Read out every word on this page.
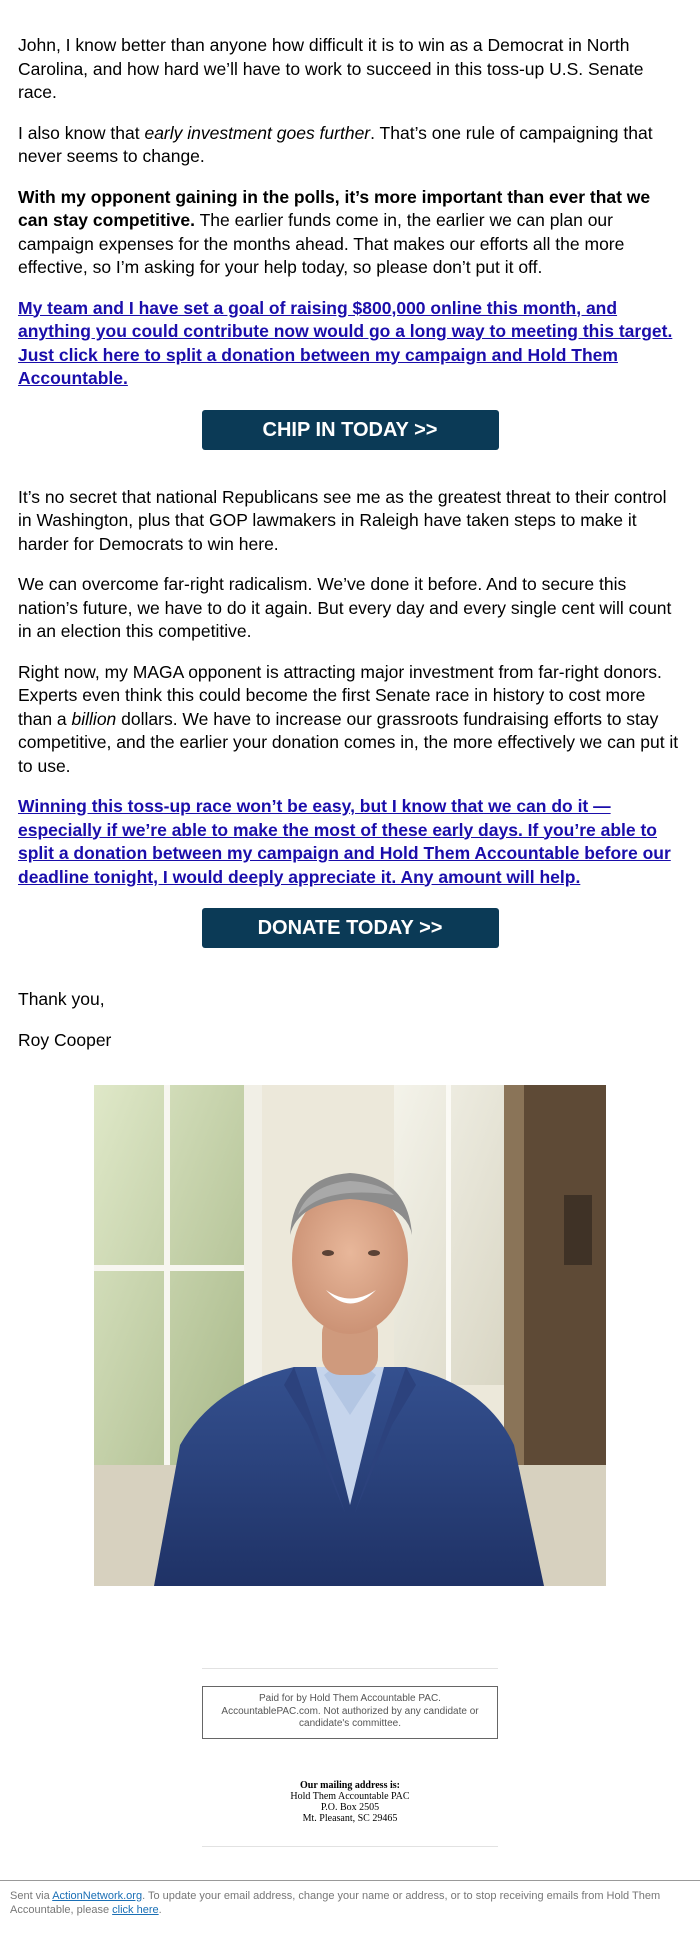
John, I know better than anyone how difficult it is to win as a Democrat in North Carolina, and how hard we’ll have to work to succeed in this toss-up U.S. Senate race.

I also know that early investment goes further. That’s one rule of campaigning that never seems to change.

With my opponent gaining in the polls, it’s more important than ever that we can stay competitive. The earlier funds come in, the earlier we can plan our campaign expenses for the months ahead. That makes our efforts all the more effective, so I’m asking for your help today, so please don’t put it off.

My team and I have set a goal of raising $800,000 online this month, and anything you could contribute now would go a long way to meeting this target. Just click here to split a donation between my campaign and Hold Them Accountable.
CHIP IN TODAY >>

It’s no secret that national Republicans see me as the greatest threat to their control in Washington, plus that GOP lawmakers in Raleigh have taken steps to make it harder for Democrats to win here.

We can overcome far-right radicalism. We’ve done it before. And to secure this nation’s future, we have to do it again. But every day and every single cent will count in an election this competitive.

Right now, my MAGA opponent is attracting major investment from far-right donors. Experts even think this could become the first Senate race in history to cost more than a billion dollars. We have to increase our grassroots fundraising efforts to stay competitive, and the earlier your donation comes in, the more effectively we can put it to use.

Winning this toss-up race won’t be easy, but I know that we can do it — especially if we’re able to make the most of these early days. If you’re able to split a donation between my campaign and Hold Them Accountable before our deadline tonight, I would deeply appreciate it. Any amount will help.
DONATE TODAY >>

Thank you,

Roy Cooper

Paid for by Hold Them Accountable PAC. AccountablePAC.com. Not authorized by any candidate or candidate's committee.
Our mailing address is:
Hold Them Accountable PAC
P.O. Box 2505
Mt. Pleasant, SC 29465
Sent via ActionNetwork.org. To update your email address, change your name or address, or to stop receiving emails from Hold Them Accountable, please click here.
